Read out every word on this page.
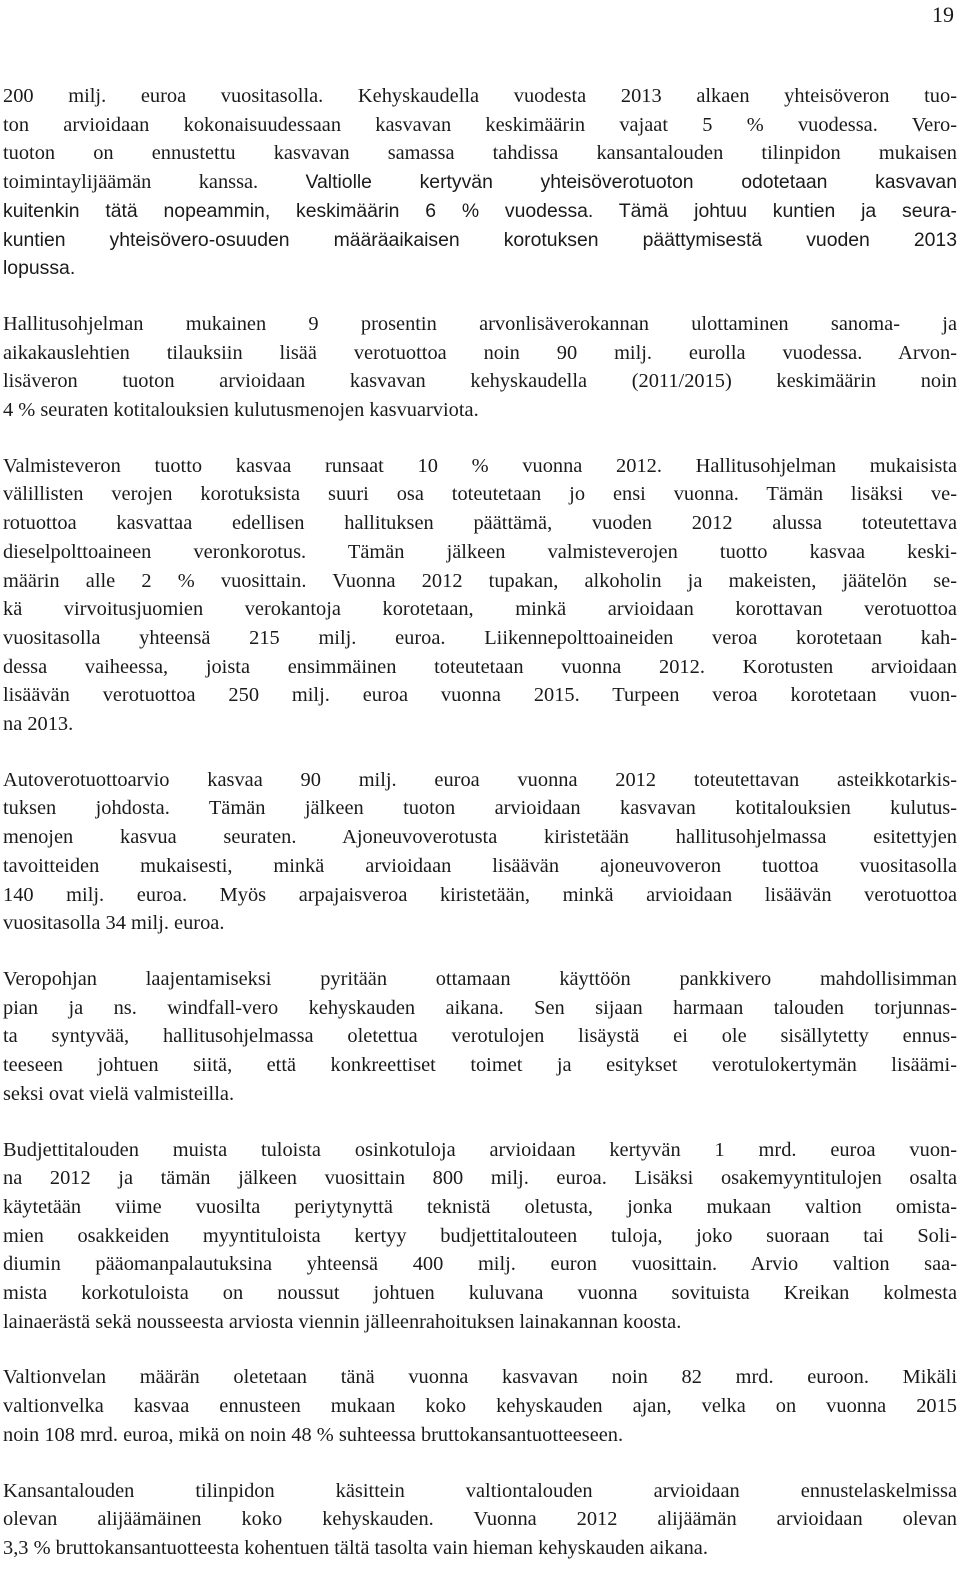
19

200 milj. euroa vuositasolla. Kehyskaudella vuodesta 2013 alkaen yhteisöveron tuo-
ton arvioidaan kokonaisuudessaan kasvavan keskimäärin vajaat 5 % vuodessa. Vero-
tuoton on ennustettu kasvavan samassa tahdissa kansantalouden tilinpidon mukaisen
toimintaylijäämän kanssa. Valtiolle kertyvän yhteisöverotuoton odotetaan kasvavan
kuitenkin tätä nopeammin, keskimäärin 6 % vuodessa. Tämä johtuu kuntien ja seura-
kuntien yhteisövero-osuuden määräaikaisen korotuksen päättymisestä vuoden 2013
lopussa.

Hallitusohjelman mukainen 9 prosentin arvonlisäverokannan ulottaminen sanoma- ja
aikakauslehtien tilauksiin lisää verotuottoa noin 90 milj. eurolla vuodessa. Arvon-
lisäveron tuoton arvioidaan kasvavan kehyskaudella (2011/2015) keskimäärin noin
4 % seuraten kotitalouksien kulutusmenojen kasvuarviota.

Valmisteveron tuotto kasvaa runsaat 10 % vuonna 2012. Hallitusohjelman mukaisista
välillisten verojen korotuksista suuri osa toteutetaan jo ensi vuonna. Tämän lisäksi ve-
rotuottoa kasvattaa edellisen hallituksen päättämä, vuoden 2012 alussa toteutettava
dieselpolttoaineen veronkorotus. Tämän jälkeen valmisteverojen tuotto kasvaa keski-
määrin alle 2 % vuosittain. Vuonna 2012 tupakan, alkoholin ja makeisten, jäätelön se-
kä virvoitusjuomien verokantoja korotetaan, minkä arvioidaan korottavan verotuottoa
vuositasolla yhteensä 215 milj. euroa. Liikennepolttoaineiden veroa korotetaan kah-
dessa vaiheessa, joista ensimmäinen toteutetaan vuonna 2012. Korotusten arvioidaan
lisäävän verotuottoa 250 milj. euroa vuonna 2015. Turpeen veroa korotetaan vuon-
na 2013.

Autoverotuottoarvio kasvaa 90 milj. euroa vuonna 2012 toteutettavan asteikkotarkis-
tuksen johdosta. Tämän jälkeen tuoton arvioidaan kasvavan kotitalouksien kulutus-
menojen kasvua seuraten. Ajoneuvoverotusta kiristetään hallitusohjelmassa esitettyjen
tavoitteiden mukaisesti, minkä arvioidaan lisäävän ajoneuvoveron tuottoa vuositasolla
140 milj. euroa. Myös arpajaisveroa kiristetään, minkä arvioidaan lisäävän verotuottoa
vuositasolla 34 milj. euroa.

Veropohjan laajentamiseksi pyritään ottamaan käyttöön pankkivero mahdollisimman
pian ja ns. windfall-vero kehyskauden aikana. Sen sijaan harmaan talouden torjunnas-
ta syntyvää, hallitusohjelmassa oletettua verotulojen lisäystä ei ole sisällytetty ennus-
teeseen johtuen siitä, että konkreettiset toimet ja esitykset verotulokertymän lisäämi-
seksi ovat vielä valmisteilla.

Budjettitalouden muista tuloista osinkotuloja arvioidaan kertyvän 1 mrd. euroa vuon-
na 2012 ja tämän jälkeen vuosittain 800 milj. euroa. Lisäksi osakemyyntitulojen osalta
käytetään viime vuosilta periytynyttä teknistä oletusta, jonka mukaan valtion omista-
mien osakkeiden myyntituloista kertyy budjettitalouteen tuloja, joko suoraan tai Soli-
diumin pääomanpalautuksina yhteensä 400 milj. euron vuosittain. Arvio valtion saa-
mista korkotuloista on noussut johtuen kuluvana vuonna sovituista Kreikan kolmesta
lainaerästä sekä nousseesta arviosta viennin jälleenrahoituksen lainakannan koosta.

Valtionvelan määrän oletetaan tänä vuonna kasvavan noin 82 mrd. euroon. Mikäli
valtionvelka kasvaa ennusteen mukaan koko kehyskauden ajan, velka on vuonna 2015
noin 108 mrd. euroa, mikä on noin 48 % suhteessa bruttokansantuotteeseen.

Kansantalouden tilinpidon käsittein valtiontalouden arvioidaan ennustelaskelmissa
olevan alijäämäinen koko kehyskauden. Vuonna 2012 alijäämän arvioidaan olevan
3,3 % bruttokansantuotteesta kohentuen tältä tasolta vain hieman kehyskauden aikana.
